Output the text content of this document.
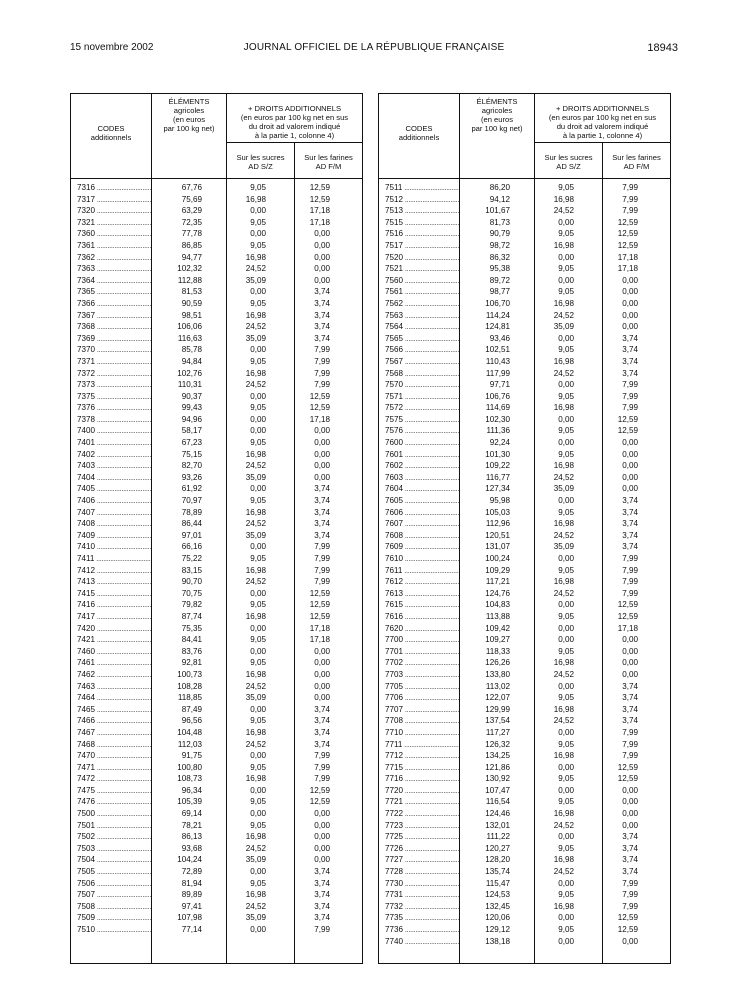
15 novembre 2002	JOURNAL OFFICIEL DE LA RÉPUBLIQUE FRANÇAISE	18943
CODES
additionnels
ÉLÉMENTS
agricoles
(en euros
par 100 kg net)
+ DROITS ADDITIONNELS
(en euros par 100 kg net en sus
du droit ad valorem indiqué
à la partie 1, colonne 4)
Sur les sucres
AD S/Z
Sur les farines
AD F/M
7316 .....	67,76	9,05	12,59
7317 .....	75,69	16,98	12,59
7320 .....	63,29	0,00	17,18
7321 .....	72,35	9,05	17,18
7360 .....	77,78	0,00	0,00
7361 .....	86,85	9,05	0,00
7362 .....	94,77	16,98	0,00
7363 .....	102,32	24,52	0,00
7364 .....	112,88	35,09	0,00
7365 .....	81,53	0,00	3,74
7366 .....	90,59	9,05	3,74
7367 .....	98,51	16,98	3,74
7368 .....	106,06	24,52	3,74
7369 .....	116,63	35,09	3,74
7370 .....	85,78	0,00	7,99
7371 .....	94,84	9,05	7,99
7372 .....	102,76	16,98	7,99
7373 .....	110,31	24,52	7,99
7375 .....	90,37	0,00	12,59
7376 .....	99,43	9,05	12,59
7378 .....	94,96	0,00	17,18
7400 .....	58,17	0,00	0,00
7401 .....	67,23	9,05	0,00
7402 .....	75,15	16,98	0,00
7403 .....	82,70	24,52	0,00
7404 .....	93,26	35,09	0,00
7405 .....	61,92	0,00	3,74
7406 .....	70,97	9,05	3,74
7407 .....	78,89	16,98	3,74
7408 .....	86,44	24,52	3,74
7409 .....	97,01	35,09	3,74
7410 .....	66,16	0,00	7,99
7411 .....	75,22	9,05	7,99
7412 .....	83,15	16,98	7,99
7413 .....	90,70	24,52	7,99
7415 .....	70,75	0,00	12,59
7416 .....	79,82	9,05	12,59
7417 .....	87,74	16,98	12,59
7420 .....	75,35	0,00	17,18
7421 .....	84,41	9,05	17,18
7460 .....	83,76	0,00	0,00
7461 .....	92,81	9,05	0,00
7462 .....	100,73	16,98	0,00
7463 .....	108,28	24,52	0,00
7464 .....	118,85	35,09	0,00
7465 .....	87,49	0,00	3,74
7466 .....	96,56	9,05	3,74
7467 .....	104,48	16,98	3,74
7468 .....	112,03	24,52	3,74
7470 .....	91,75	0,00	7,99
7471 .....	100,80	9,05	7,99
7472 .....	108,73	16,98	7,99
7475 .....	96,34	0,00	12,59
7476 .....	105,39	9,05	12,59
7500 .....	69,14	0,00	0,00
7501 .....	78,21	9,05	0,00
7502 .....	86,13	16,98	0,00
7503 .....	93,68	24,52	0,00
7504 .....	104,24	35,09	0,00
7505 .....	72,89	0,00	3,74
7506 .....	81,94	9,05	3,74
7507 .....	89,89	16,98	3,74
7508 .....	97,41	24,52	3,74
7509 .....	107,98	35,09	3,74
7510 .....	77,14	0,00	7,99
CODES
additionnels
ÉLÉMENTS
agricoles
(en euros
par 100 kg net)
+ DROITS ADDITIONNELS
(en euros par 100 kg net en sus
du droit ad valorem indiqué
à la partie 1, colonne 4)
Sur les sucres
AD S/Z
Sur les farines
AD F/M
7511 .....	86,20	9,05	7,99
7512 .....	94,12	16,98	7,99
7513 .....	101,67	24,52	7,99
7515 .....	81,73	0,00	12,59
7516 .....	90,79	9,05	12,59
7517 .....	98,72	16,98	12,59
7520 .....	86,32	0,00	17,18
7521 .....	95,38	9,05	17,18
7560 .....	89,72	0,00	0,00
7561 .....	98,77	9,05	0,00
7562 .....	106,70	16,98	0,00
7563 .....	114,24	24,52	0,00
7564 .....	124,81	35,09	0,00
7565 .....	93,46	0,00	3,74
7566 .....	102,51	9,05	3,74
7567 .....	110,43	16,98	3,74
7568 .....	117,99	24,52	3,74
7570 .....	97,71	0,00	7,99
7571 .....	106,76	9,05	7,99
7572 .....	114,69	16,98	7,99
7575 .....	102,30	0,00	12,59
7576 .....	111,36	9,05	12,59
7600 .....	92,24	0,00	0,00
7601 .....	101,30	9,05	0,00
7602 .....	109,22	16,98	0,00
7603 .....	116,77	24,52	0,00
7604 .....	127,34	35,09	0,00
7605 .....	95,98	0,00	3,74
7606 .....	105,03	9,05	3,74
7607 .....	112,96	16,98	3,74
7608 .....	120,51	24,52	3,74
7609 .....	131,07	35,09	3,74
7610 .....	100,24	0,00	7,99
7611 .....	109,29	9,05	7,99
7612 .....	117,21	16,98	7,99
7613 .....	124,76	24,52	7,99
7615 .....	104,83	0,00	12,59
7616 .....	113,88	9,05	12,59
7620 .....	109,42	0,00	17,18
7700 .....	109,27	0,00	0,00
7701 .....	118,33	9,05	0,00
7702 .....	126,26	16,98	0,00
7703 .....	133,80	24,52	0,00
7705 .....	113,02	0,00	3,74
7706 .....	122,07	9,05	3,74
7707 .....	129,99	16,98	3,74
7708 .....	137,54	24,52	3,74
7710 .....	117,27	0,00	7,99
7711 .....	126,32	9,05	7,99
7712 .....	134,25	16,98	7,99
7715 .....	121,86	0,00	12,59
7716 .....	130,92	9,05	12,59
7720 .....	107,47	0,00	0,00
7721 .....	116,54	9,05	0,00
7722 .....	124,46	16,98	0,00
7723 .....	132,01	24,52	0,00
7725 .....	111,22	0,00	3,74
7726 .....	120,27	9,05	3,74
7727 .....	128,20	16,98	3,74
7728 .....	135,74	24,52	3,74
7730 .....	115,47	0,00	7,99
7731 .....	124,53	9,05	7,99
7732 .....	132,45	16,98	7,99
7735 .....	120,06	0,00	12,59
7736 .....	129,12	9,05	12,59
7740 .....	138,18	0,00	0,00
